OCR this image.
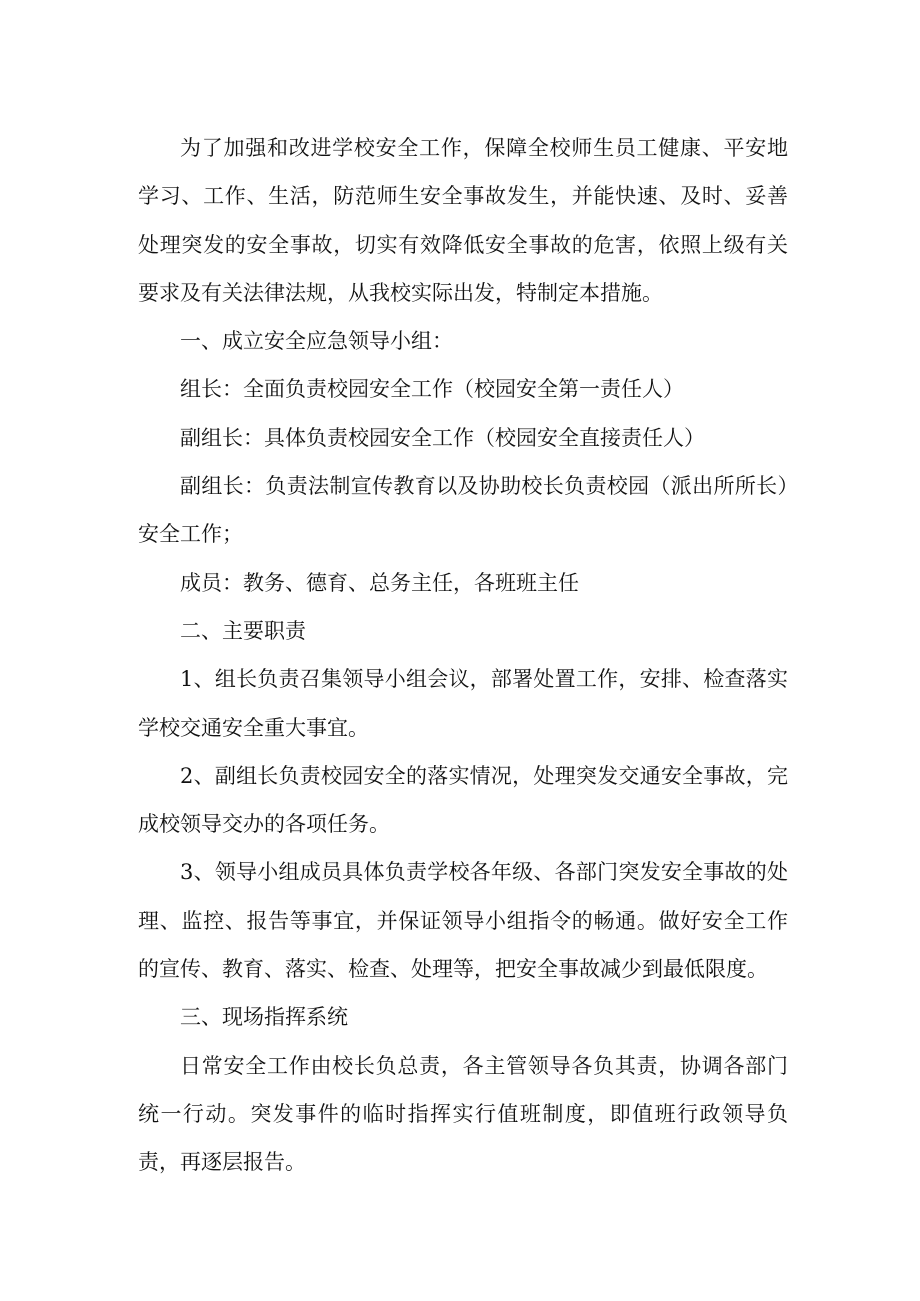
为了加强和改进学校安全工作，保障全校师生员工健康、平安地学习、工作、生活，防范师生安全事故发生，并能快速、及时、妥善处理突发的安全事故，切实有效降低安全事故的危害，依照上级有关要求及有关法律法规，从我校实际出发，特制定本措施。

一、成立安全应急领导小组：

组长：全面负责校园安全工作（校园安全第一责任人）

副组长：具体负责校园安全工作（校园安全直接责任人）

副组长：负责法制宣传教育以及协助校长负责校园（派出所所长）安全工作；

成员：教务、德育、总务主任，各班班主任

二、主要职责

1、组长负责召集领导小组会议，部署处置工作，安排、检查落实学校交通安全重大事宜。

2、副组长负责校园安全的落实情况，处理突发交通安全事故，完成校领导交办的各项任务。

3、领导小组成员具体负责学校各年级、各部门突发安全事故的处理、监控、报告等事宜，并保证领导小组指令的畅通。做好安全工作的宣传、教育、落实、检查、处理等，把安全事故减少到最低限度。

三、现场指挥系统

日常安全工作由校长负总责，各主管领导各负其责，协调各部门统一行动。突发事件的临时指挥实行值班制度，即值班行政领导负责，再逐层报告。
